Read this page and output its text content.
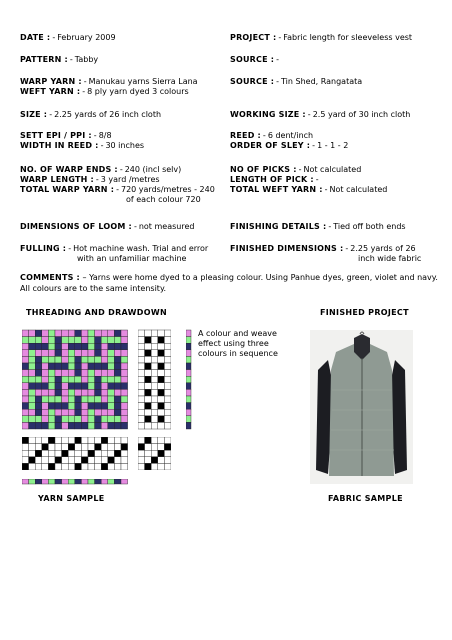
DATE : - February 2009
PATTERN : - Tabby
WARP YARN : - Manukau yarns Sierra Lana
WEFT YARN : - 8 ply yarn dyed 3 colours
SIZE : - 2.25 yards of 26 inch cloth
SETT EPI / PPI : - 8/8
WIDTH IN REED : - 30 inches
NO. OF WARP ENDS : - 240 (incl selv)
WARP LENGTH : - 3 yard /metres
TOTAL WARP YARN : - 720 yards/metres - 240
of each colour 720
DIMENSIONS OF LOOM : - not measured
FULLING : - Hot machine wash. Trial and error
with an unfamiliar machine
PROJECT : - Fabric length for sleeveless vest
SOURCE : -
SOURCE : - Tin Shed, Rangatata
WORKING SIZE : - 2.5 yard of 30 inch cloth
REED : - 6 dent/inch
ORDER OF SLEY : - 1 - 1 - 2
NO OF PICKS : - Not calculated
LENGTH OF PICK : -
TOTAL WEFT YARN : - Not calculated
FINISHING DETAILS : - Tied off both ends
FINISHED DIMENSIONS : - 2.25 yards of 26
inch wide fabric
COMMENTS : – Yarns were home dyed to a pleasing colour. Using Panhue dyes, green, violet and navy. All colours are to the same intensity.
THREADING AND DRAWDOWN	FINISHED PROJECT
YARN SAMPLE	FABRIC SAMPLE
A colour and weave effect using three colours in sequence
